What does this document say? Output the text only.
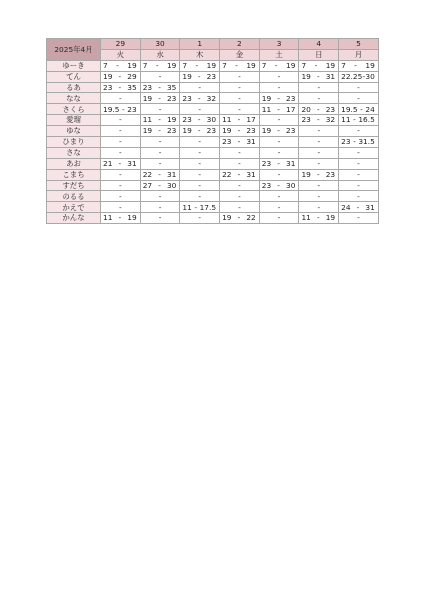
2025年4月	29	30	1	2	3	4	5
	火	水	木	金	土	日	月
ゆーき	7 - 19	7 - 19	7 - 19	7 - 19	7 - 19	7 - 19	7 - 19

てん	19 - 29	-	19 - 23	-	-	19 - 31	22.25 - 30

るあ	23 - 35	23 - 35	-	-	-	-	-

なな	-	19 - 23	23 - 32	-	19 - 23	-	-

さくら	19.5 - 23	-	-	-	11 - 17	20 - 23	19.5 - 24

愛瑠	-	11 - 19	23 - 30	11 - 17	-	23 - 32	11 - 16.5

ゆな	-	19 - 23	19 - 23	19 - 23	19 - 23	-	-

ひまり	-	-	-	23 - 31	-	-	23 - 31.5

さな	-	-	-	-	-	-	-

あお	21 - 31	-	-	-	23 - 31	-	-

こまち	-	22 - 31	-	22 - 31	-	19 - 23	-

すだち	-	27 - 30	-	-	23 - 30	-	-

のるる	-	-	-	-	-	-	-

かえで	-	-	11 - 17.5	-	-	-	24 - 31

かんな	11 - 19	-	-	19 - 22	-	11 - 19	-
